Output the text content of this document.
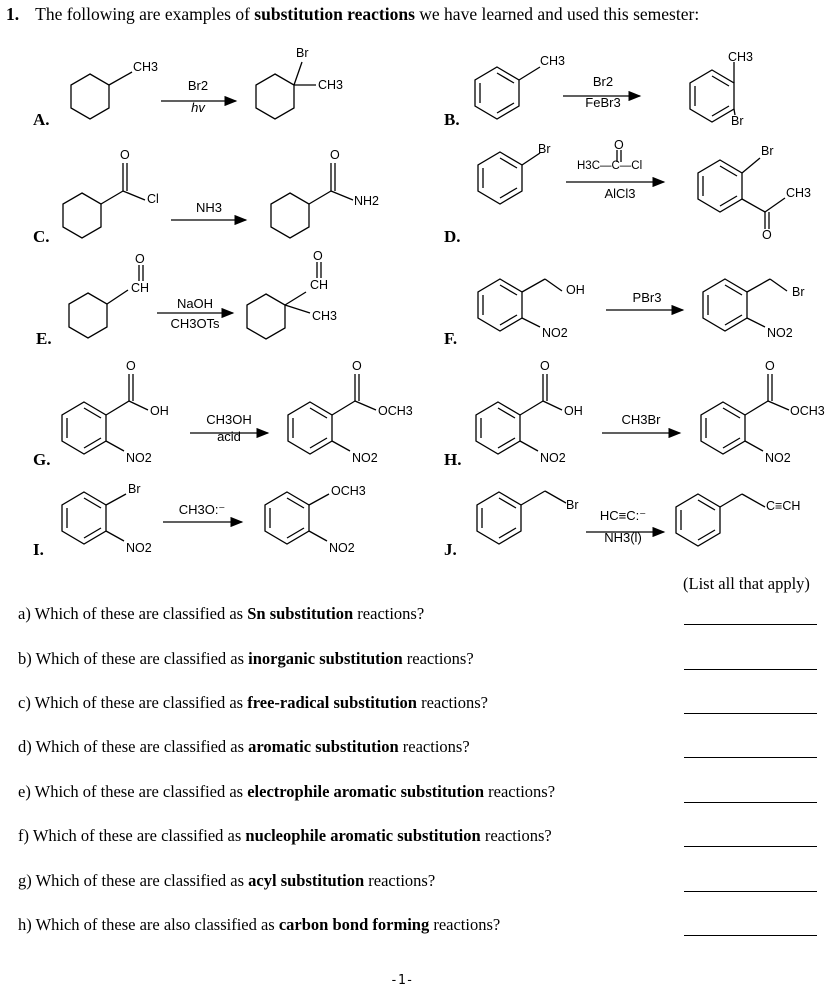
1. The following are examples of substitution reactions we have learned and used this semester:
A.	B.
C.	D.
E.	F.
G.	H.
I.	J.
CH3
Br2
hv
Br
CH3
CH3
Br2
FeBr3
CH3
Br
O
Cl
NH3
O
NH2
Br	O
H3C—C—Cl
AlCl3
Br
CH3
O
O
CH
NaOH
CH3OTs
O
CH
CH3
OH
NO2
PBr3	Br
NO2
O
OH
NO2
CH3OH
acid
O
OCH3
NO2
O
OH
NO2
CH3Br
O
OCH3
NO2
Br
NO2
CH3O:⁻
OCH3
NO2
Br
HC≡C:⁻
NH3(l)
C≡CH
(List all that apply)
a) Which of these are classified as Sn substitution reactions?
b) Which of these are classified as inorganic substitution reactions?
c) Which of these are classified as free-radical substitution reactions?
d) Which of these are classified as aromatic substitution reactions?
e) Which of these are classified as electrophile aromatic substitution reactions?
f) Which of these are classified as nucleophile aromatic substitution reactions?
g) Which of these are classified as acyl substitution reactions?
h) Which of these are also classified as carbon bond forming reactions?
-1-
